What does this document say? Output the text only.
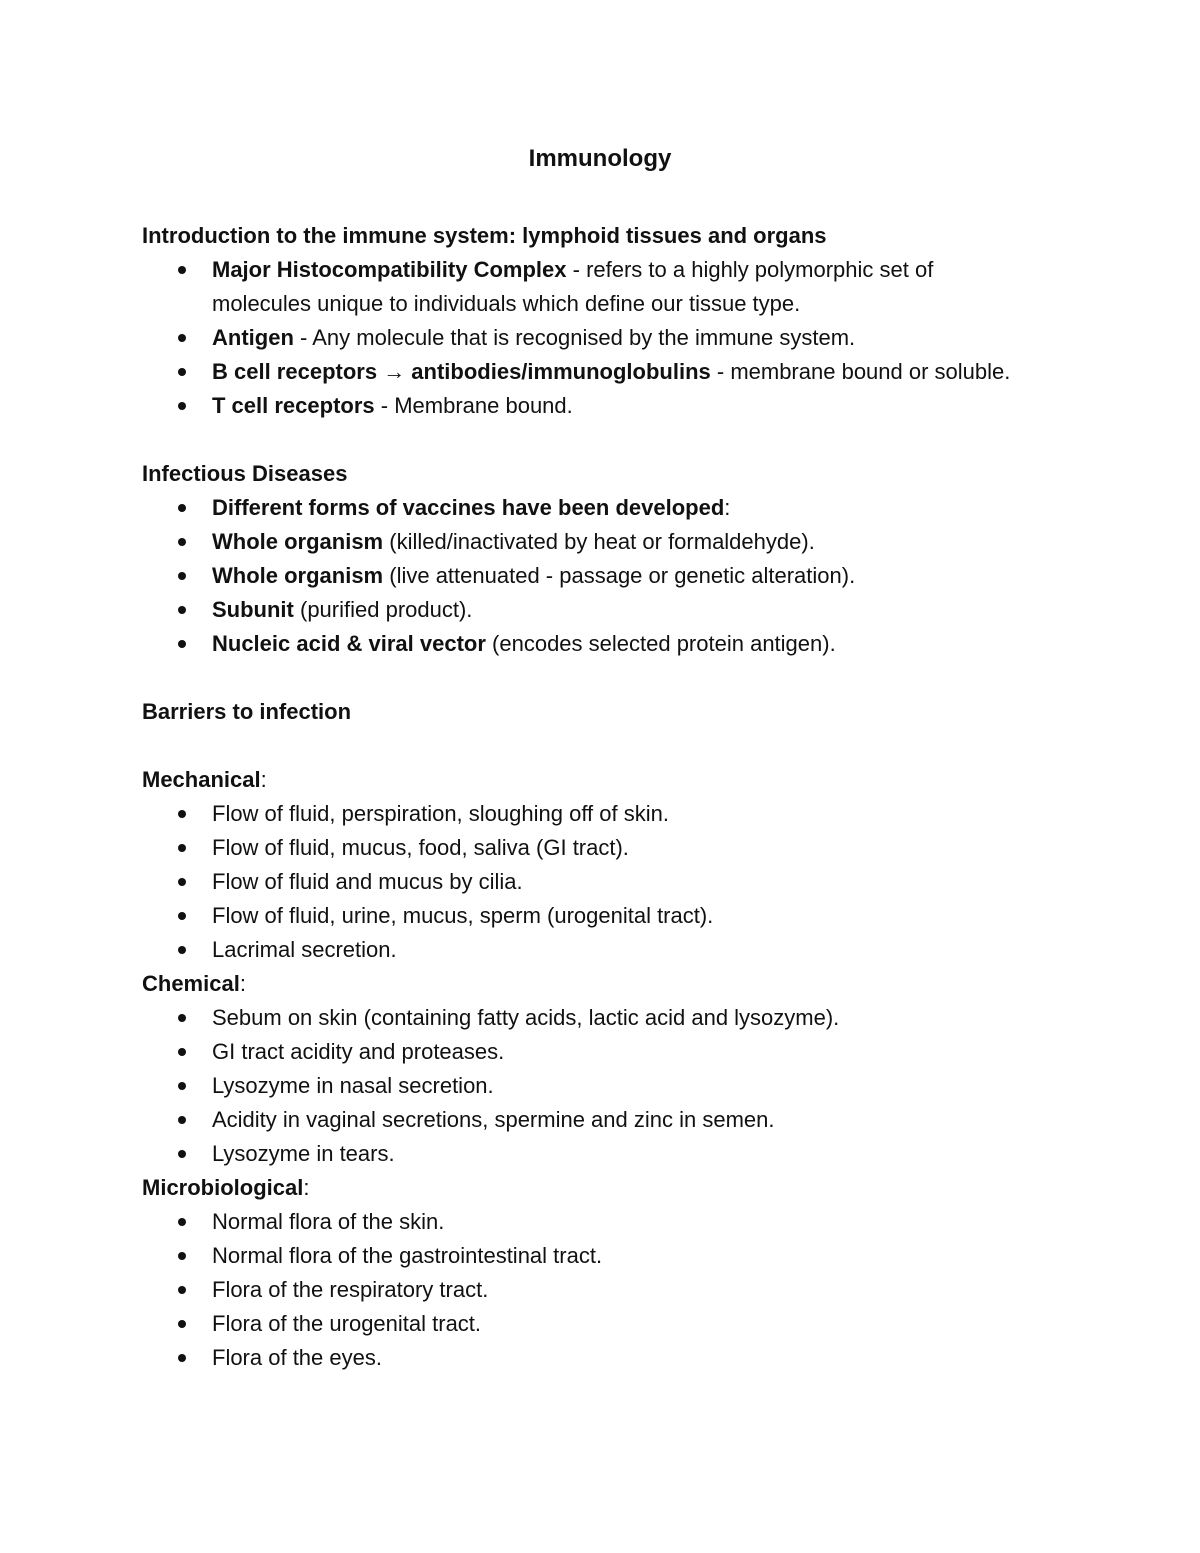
Immunology

Introduction to the immune system: lymphoid tissues and organs

Major Histocompatibility Complex - refers to a highly polymorphic set of molecules unique to individuals which define our tissue type.
Antigen - Any molecule that is recognised by the immune system.
B cell receptors → antibodies/immunoglobulins - membrane bound or soluble.
T cell receptors - Membrane bound.

Infectious Diseases

Different forms of vaccines have been developed:
Whole organism (killed/inactivated by heat or formaldehyde).
Whole organism (live attenuated - passage or genetic alteration).
Subunit (purified product).
Nucleic acid & viral vector (encodes selected protein antigen).

Barriers to infection

Mechanical:

Flow of fluid, perspiration, sloughing off of skin.
Flow of fluid, mucus, food, saliva (GI tract).
Flow of fluid and mucus by cilia.
Flow of fluid, urine, mucus, sperm (urogenital tract).
Lacrimal secretion.

Chemical:

Sebum on skin (containing fatty acids, lactic acid and lysozyme).
GI tract acidity and proteases.
Lysozyme in nasal secretion.
Acidity in vaginal secretions, spermine and zinc in semen.
Lysozyme in tears.

Microbiological:

Normal flora of the skin.
Normal flora of the gastrointestinal tract.
Flora of the respiratory tract.
Flora of the urogenital tract.
Flora of the eyes.
